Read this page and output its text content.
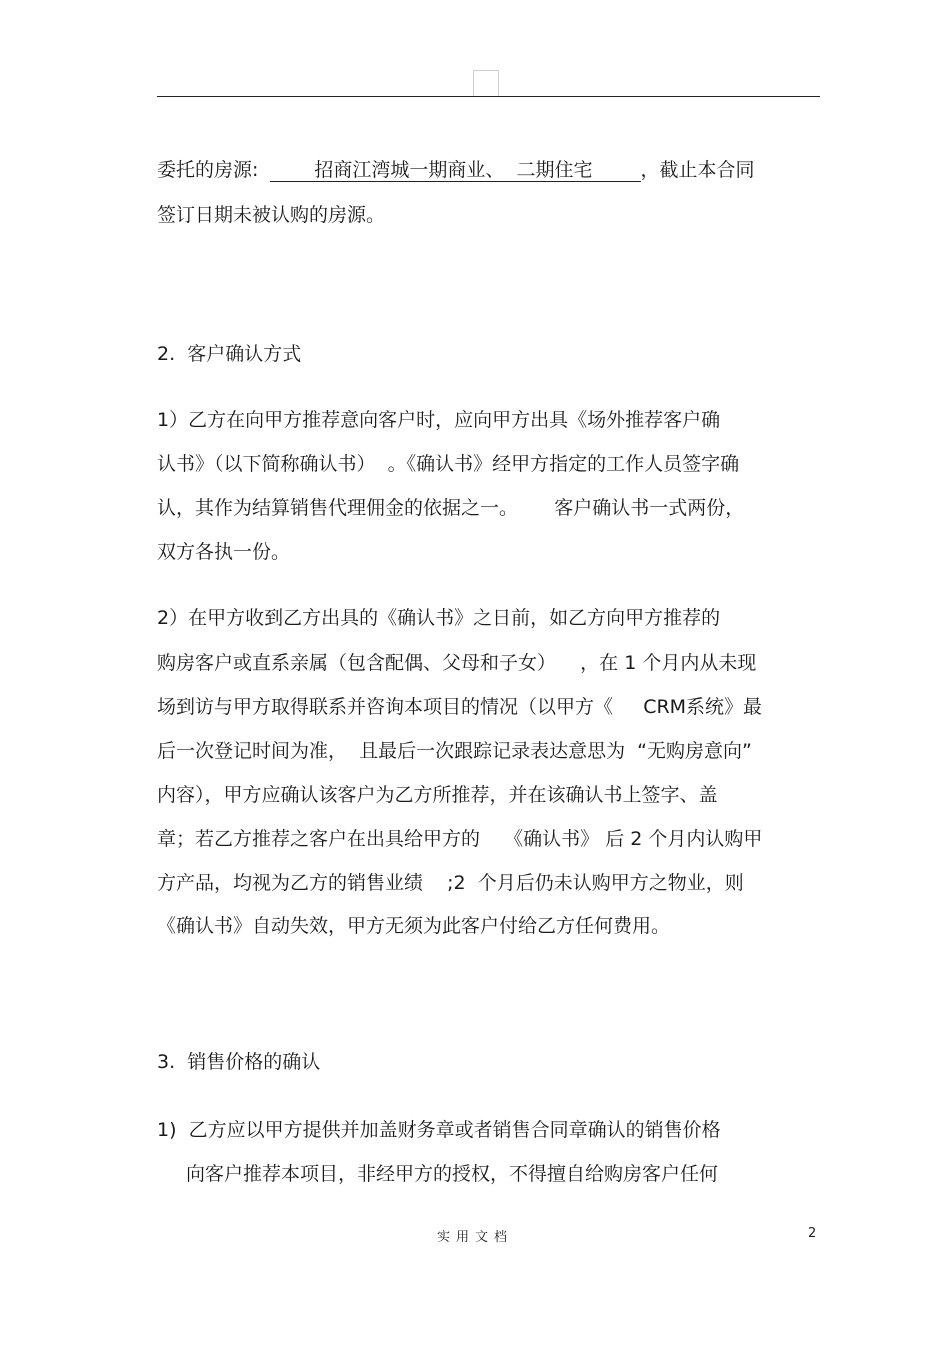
委托的房源:	招商江湾城一期商业、  二期住宅	，截止本合同
签订日期未被认购的房源。
2.  客户确认方式
1）乙方在向甲方推荐意向客户时，应向甲方出具《场外推荐客户确
认书》（以下简称确认书）  。《确认书》经甲方指定的工作人员签字确
认，其作为结算销售代理佣金的依据之一。      客户确认书一式两份，
双方各执一份。
2）在甲方收到乙方出具的《确认书》之日前，如乙方向甲方推荐的
购房客户或直系亲属（包含配偶、父母和子女）    ，在 1 个月内从未现
场到访与甲方取得联系并咨询本项目的情况（以甲方《     CRM系统》最
后一次登记时间为准，  且最后一次跟踪记录表达意思为  “无购房意向”
内容），甲方应确认该客户为乙方所推荐，并在该确认书上签字、盖
章；若乙方推荐之客户在出具给甲方的    《确认书》 后 2 个月内认购甲
方产品，均视为乙方的销售业绩    ;2  个月后仍未认购甲方之物业，则
《确认书》自动失效，甲方无须为此客户付给乙方任何费用。
3.  销售价格的确认
1)  乙方应以甲方提供并加盖财务章或者销售合同章确认的销售价格
向客户推荐本项目，非经甲方的授权，不得擅自给购房客户任何
实用文档	2
